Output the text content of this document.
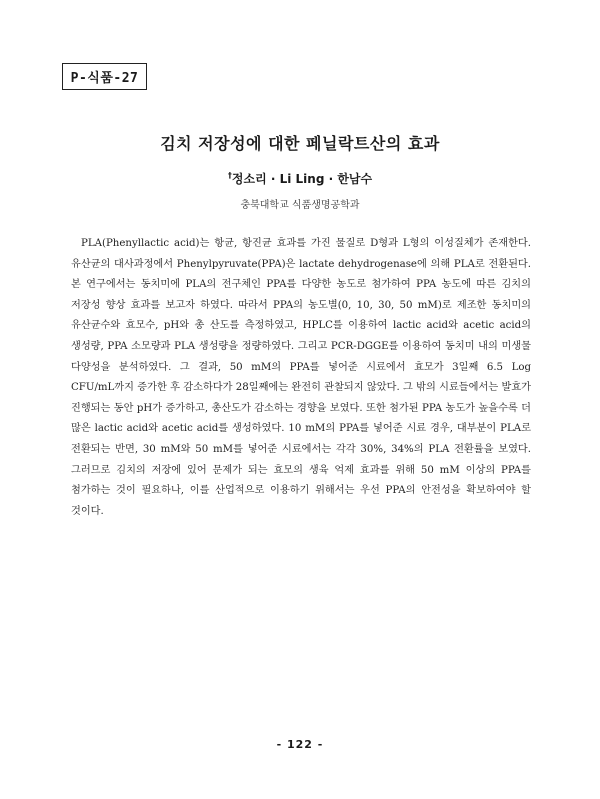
P-식품-27
김치 저장성에 대한 페닐락트산의 효과
†정소리 · Li Ling · 한남수
충북대학교 식품생명공학과

PLA(Phenyllactic acid)는 항균, 항진균 효과를 가진 물질로 D형과 L형의 이성질체가 존재한다. 유산균의 대사과정에서 Phenylpyruvate(PPA)은 lactate dehydrogenase에 의해 PLA로 전환된다. 본 연구에서는 동치미에 PLA의 전구체인 PPA를 다양한 농도로 첨가하여 PPA 농도에 따른 김치의 저장성 향상 효과를 보고자 하였다. 따라서 PPA의 농도별(0, 10, 30, 50 mM)로 제조한 동치미의 유산균수와 효모수, pH와 총 산도를 측정하였고, HPLC를 이용하여 lactic acid와 acetic acid의 생성량, PPA 소모량과 PLA 생성량을 정량하였다. 그리고 PCR-DGGE를 이용하여 동치미 내의 미생물 다양성을 분석하였다. 그 결과, 50 mM의 PPA를 넣어준 시료에서 효모가 3일째 6.5 Log CFU/mL까지 증가한 후 감소하다가 28일째에는 완전히 관찰되지 않았다. 그 밖의 시료들에서는 발효가 진행되는 동안 pH가 증가하고, 총산도가 감소하는 경향을 보였다. 또한 첨가된 PPA 농도가 높을수록 더 많은 lactic acid와 acetic acid를 생성하였다. 10 mM의 PPA를 넣어준 시료 경우, 대부분이 PLA로 전환되는 반면, 30 mM와 50 mM를 넣어준 시료에서는 각각 30%, 34%의 PLA 전환률을 보였다. 그러므로 김치의 저장에 있어 문제가 되는 효모의 생육 억제 효과를 위해 50 mM 이상의 PPA를 첨가하는 것이 필요하나, 이를 산업적으로 이용하기 위해서는 우선 PPA의 안전성을 확보하여야 할 것이다.

- 122 -
